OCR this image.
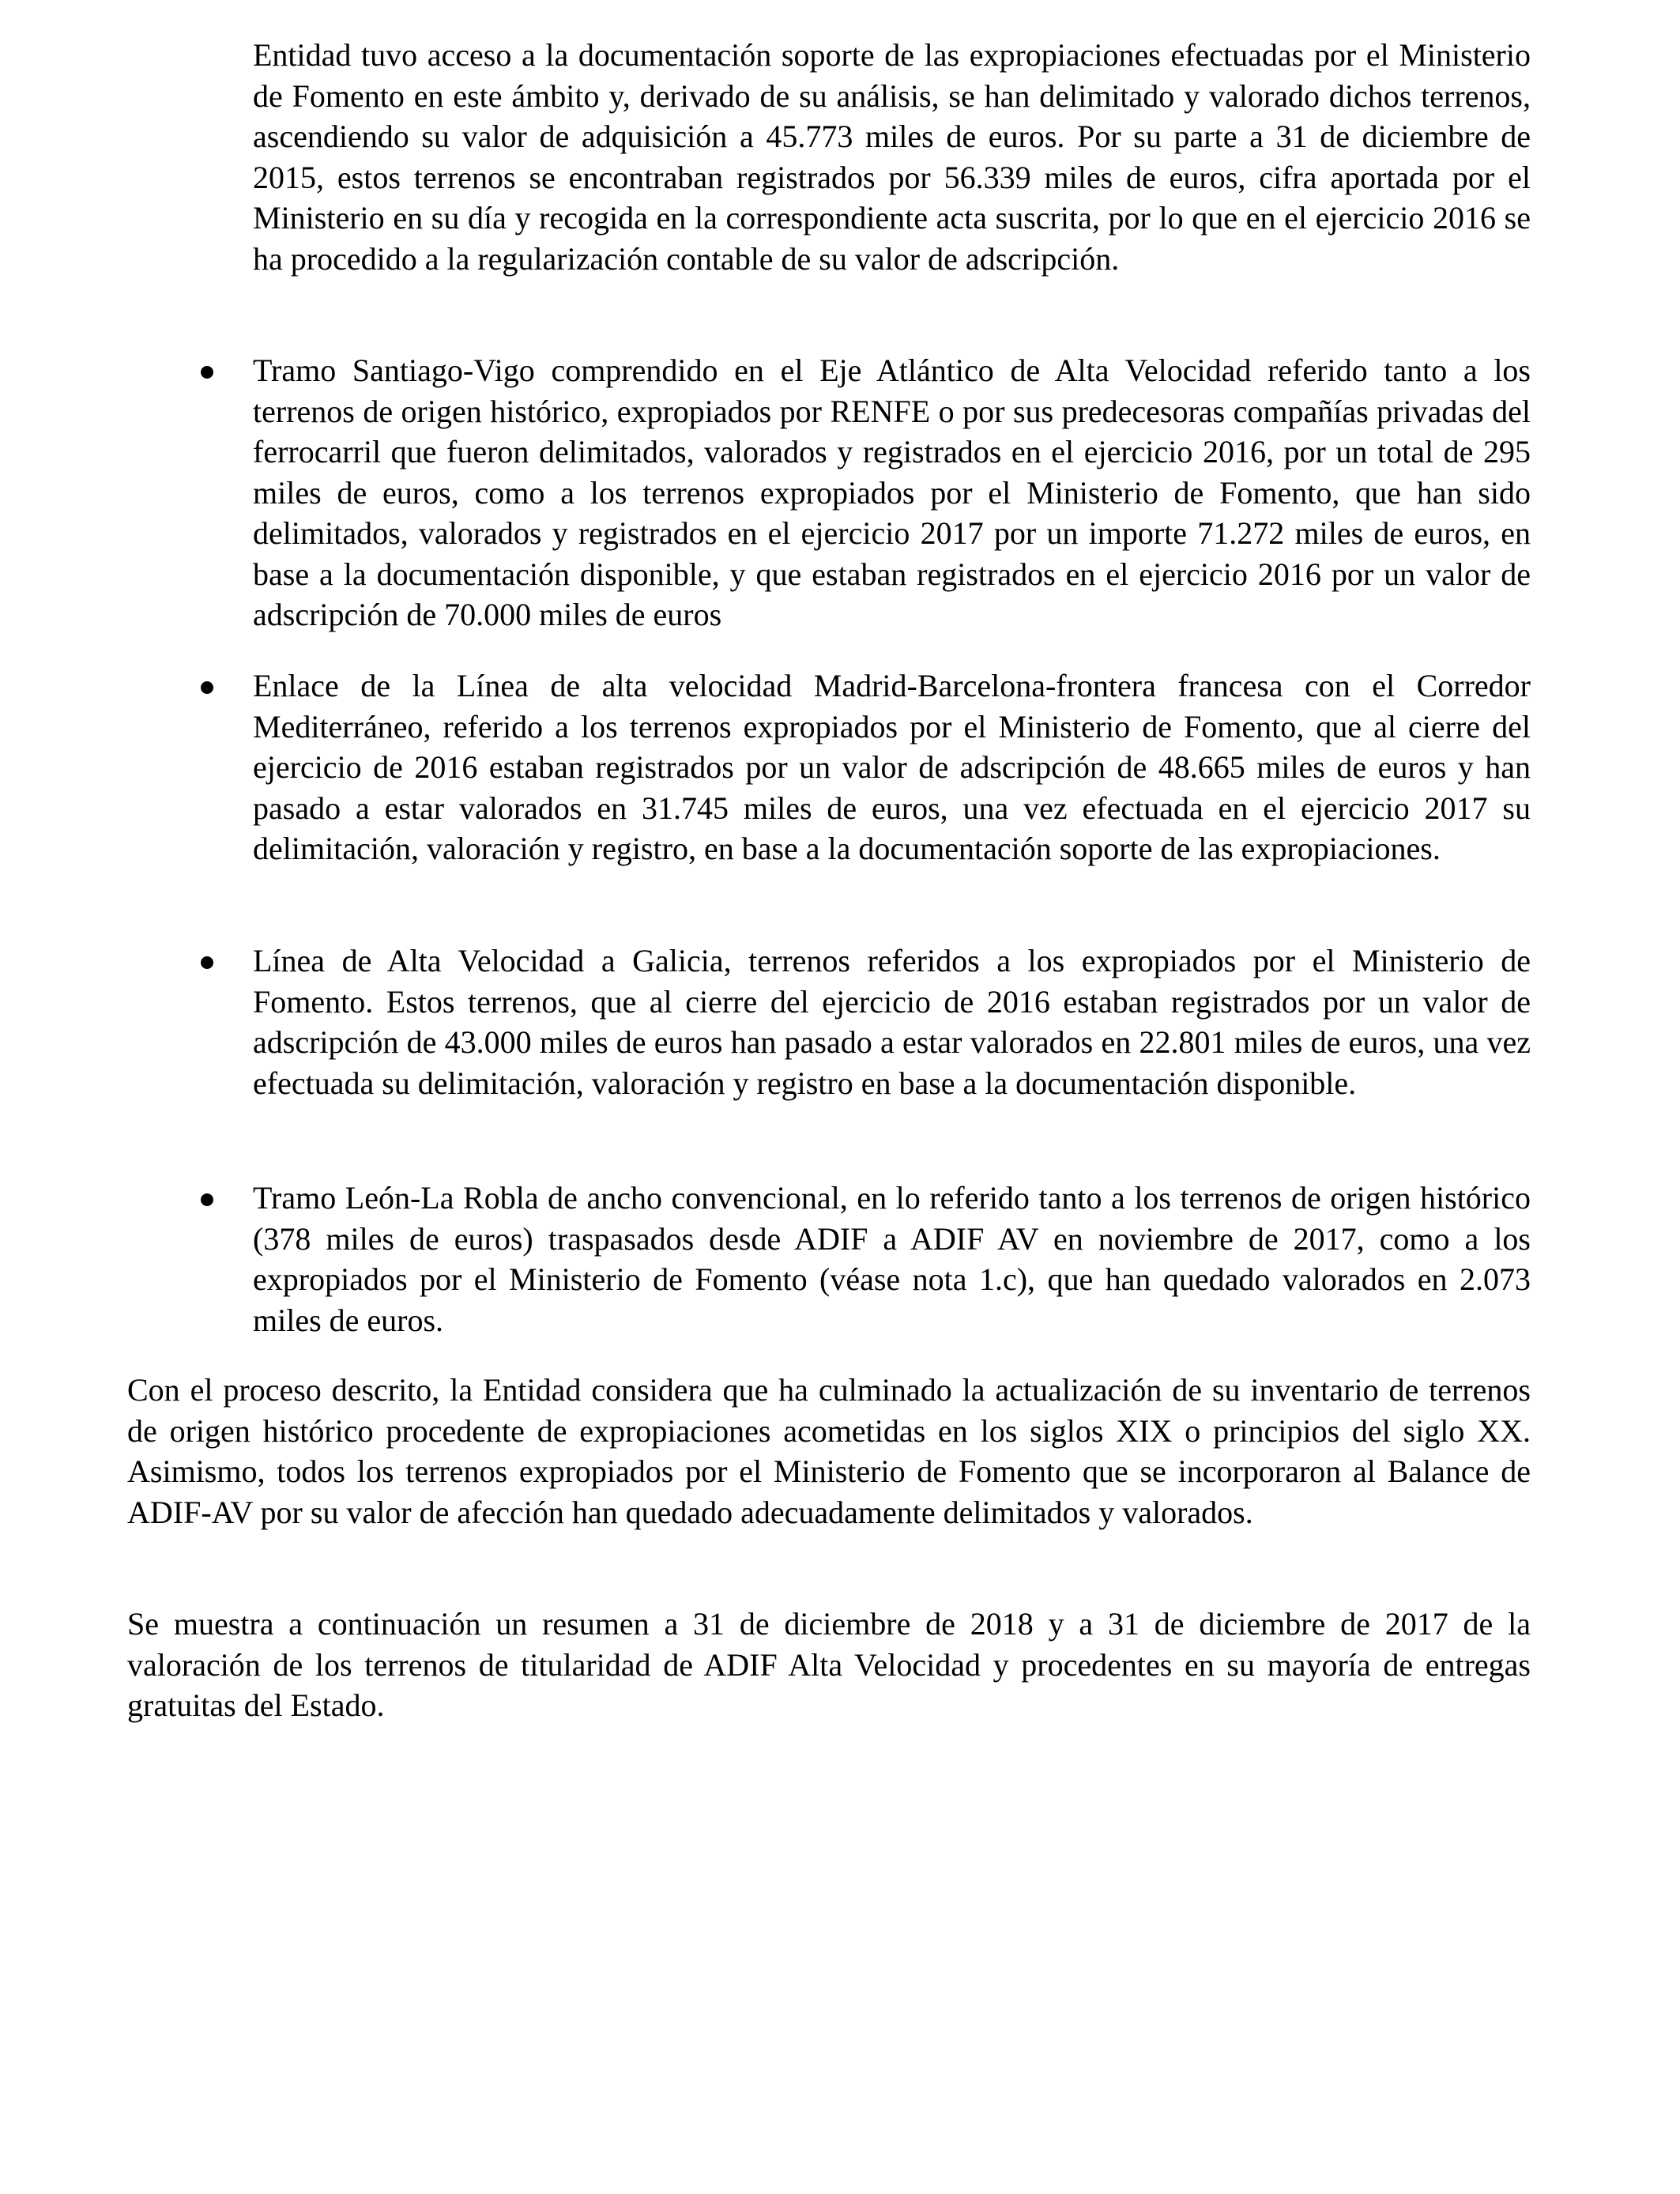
Entidad tuvo acceso a la documentación soporte de las expropiaciones efectuadas por el Ministerio de Fomento en este ámbito y, derivado de su análisis, se han delimitado y valorado dichos terrenos, ascendiendo su valor de adquisición a 45.773 miles de euros. Por su parte a 31 de diciembre de 2015, estos terrenos se encontraban registrados por 56.339 miles de euros, cifra aportada por el Ministerio en su día y recogida en la correspondiente acta suscrita, por lo que en el ejercicio 2016 se ha procedido a la regularización contable de su valor de adscripción.

Tramo Santiago-Vigo comprendido en el Eje Atlántico de Alta Velocidad referido tanto a los terrenos de origen histórico, expropiados por RENFE o por sus predecesoras compañías privadas del ferrocarril que fueron delimitados, valorados y registrados en el ejercicio 2016, por un total de 295 miles de euros, como a los terrenos expropiados por el Ministerio de Fomento, que han sido delimitados, valorados y registrados en el ejercicio 2017 por un importe 71.272 miles de euros, en base a la documentación disponible, y que estaban registrados en el ejercicio 2016 por un valor de adscripción de 70.000 miles de euros

Enlace de la Línea de alta velocidad Madrid-Barcelona-frontera francesa con el Corredor Mediterráneo, referido a los terrenos expropiados por el Ministerio de Fomento, que al cierre del ejercicio de 2016 estaban registrados por un valor de adscripción de 48.665 miles de euros y han pasado a estar valorados en 31.745 miles de euros, una vez efectuada en el ejercicio 2017 su delimitación, valoración y registro, en base a la documentación soporte de las expropiaciones.

Línea de Alta Velocidad a Galicia, terrenos referidos a los expropiados por el Ministerio de Fomento. Estos terrenos, que al cierre del ejercicio de 2016 estaban registrados por un valor de adscripción de 43.000 miles de euros han pasado a estar valorados en 22.801 miles de euros, una vez efectuada su delimitación, valoración y registro en base a la documentación disponible.

Tramo León-La Robla de ancho convencional, en lo referido tanto a los terrenos de origen histórico (378 miles de euros) traspasados desde ADIF a ADIF AV en noviembre de 2017, como a los expropiados por el Ministerio de Fomento (véase nota 1.c), que han quedado valorados en 2.073 miles de euros.

Con el proceso descrito, la Entidad considera que ha culminado la actualización de su inventario de terrenos de origen histórico procedente de expropiaciones acometidas en los siglos XIX o principios del siglo XX. Asimismo, todos los terrenos expropiados por el Ministerio de Fomento que se incorporaron al Balance de ADIF-AV por su valor de afección han quedado adecuadamente delimitados y valorados.

Se muestra a continuación un resumen a 31 de diciembre de 2018 y a 31 de diciembre de 2017 de la valoración de los terrenos de titularidad de ADIF Alta Velocidad y procedentes en su mayoría de entregas gratuitas del Estado.
